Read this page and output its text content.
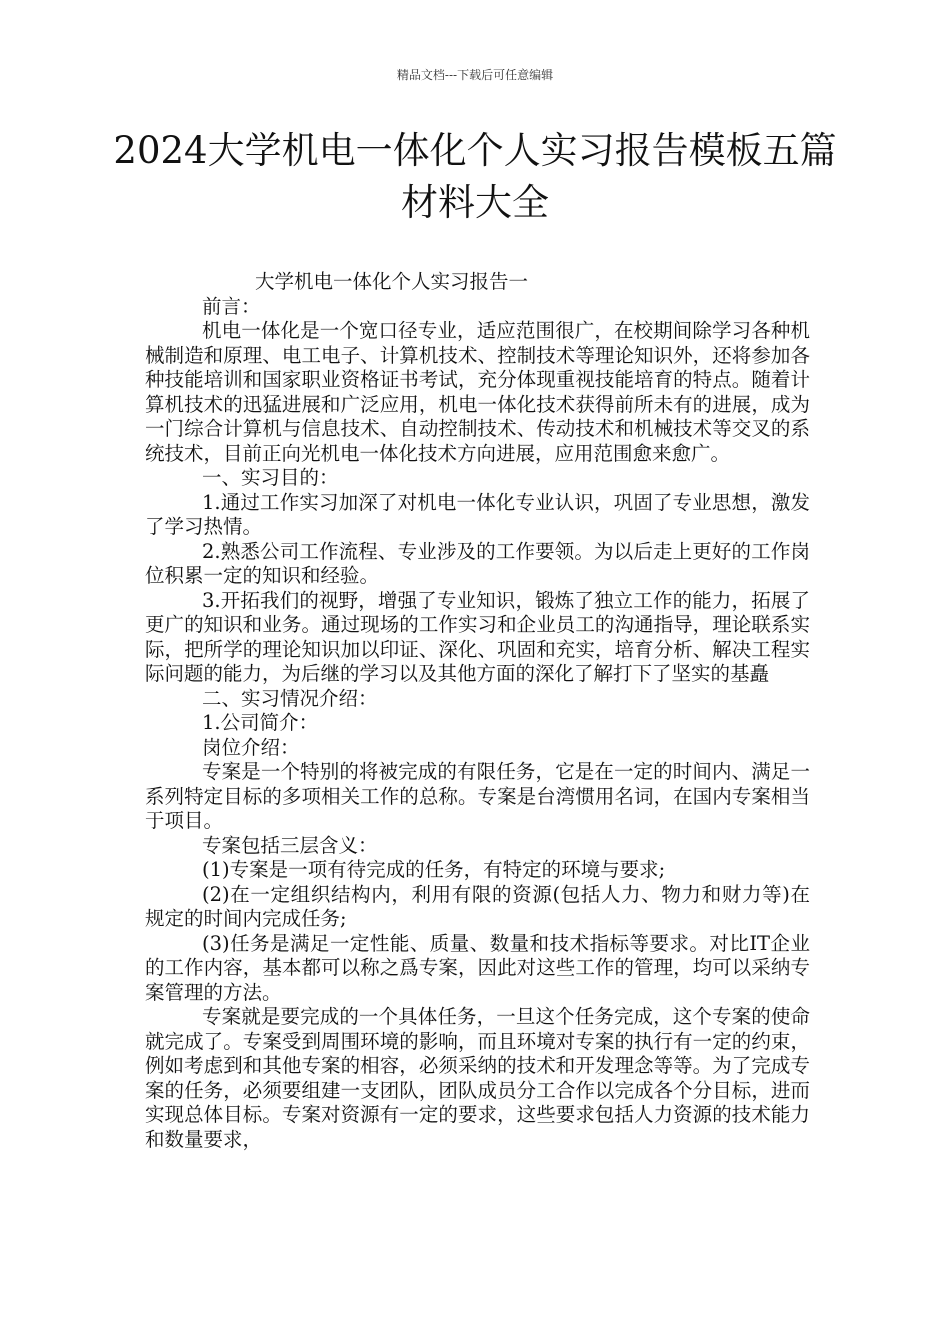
精品文档---下载后可任意编辑
2024大学机电一体化个人实习报告模板五篇材料大全

大学机电一体化个人实习报告一

前言：

机电一体化是一个宽口径专业，适应范围很广，在校期间除学习各种机械制造和原理、电工电子、计算机技术、控制技术等理论知识外，还将参加各种技能培训和国家职业资格证书考试，充分体现重视技能培育的特点。随着计算机技术的迅猛进展和广泛应用，机电一体化技术获得前所未有的进展，成为一门综合计算机与信息技术、自动控制技术、传动技术和机械技术等交叉的系统技术，目前正向光机电一体化技术方向进展，应用范围愈来愈广。

一、实习目的：

1.通过工作实习加深了对机电一体化专业认识，巩固了专业思想，激发了学习热情。

2.熟悉公司工作流程、专业涉及的工作要领。为以后走上更好的工作岗位积累一定的知识和经验。

3.开拓我们的视野，增强了专业知识，锻炼了独立工作的能力，拓展了更广的知识和业务。通过现场的工作实习和企业员工的沟通指导，理论联系实际，把所学的理论知识加以印证、深化、巩固和充实，培育分析、解决工程实际问题的能力，为后继的学习以及其他方面的深化了解打下了坚实的基矗

二、实习情况介绍：

1.公司简介：

岗位介绍：

专案是一个特别的将被完成的有限任务，它是在一定的时间内、满足一系列特定目标的多项相关工作的总称。专案是台湾惯用名词，在国内专案相当于项目。

专案包括三层含义：

(1)专案是一项有待完成的任务，有特定的环境与要求;

(2)在一定组织结构内，利用有限的资源(包括人力、物力和财力等)在规定的时间内完成任务;

(3)任务是满足一定性能、质量、数量和技术指标等要求。对比IT企业的工作内容，基本都可以称之爲专案，因此对这些工作的管理，均可以采纳专案管理的方法。

专案就是要完成的一个具体任务，一旦这个任务完成，这个专案的使命就完成了。专案受到周围环境的影响，而且环境对专案的执行有一定的约束，例如考虑到和其他专案的相容，必须采纳的技术和开发理念等等。为了完成专案的任务，必须要组建一支团队，团队成员分工合作以完成各个分目标，进而实现总体目标。专案对资源有一定的要求，这些要求包括人力资源的技术能力和数量要求，
